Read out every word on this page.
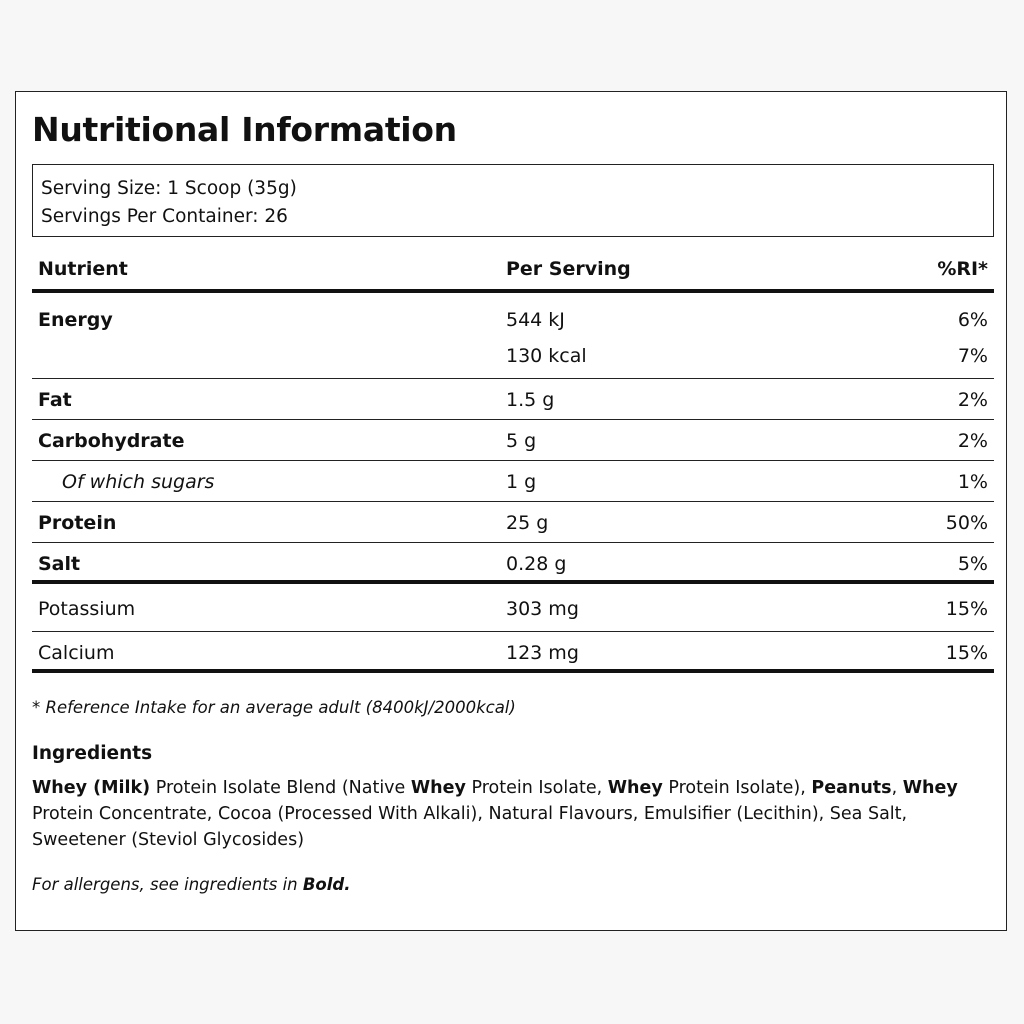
Nutritional Information
Serving Size: 1 Scoop (35g)
Servings Per Container: 26
Nutrient	Per Serving	%RI*
Energy	544 kJ	6%
130 kcal	7%
Fat	1.5 g	2%
Carbohydrate	5 g	2%
Of which sugars	1 g	1%
Protein	25 g	50%
Salt	0.28 g	5%
Potassium	303 mg	15%
Calcium	123 mg	15%
* Reference Intake for an average adult (8400kJ/2000kcal)
Ingredients
Whey (Milk) Protein Isolate Blend (Native Whey Protein Isolate, Whey Protein Isolate), Peanuts, Whey
Protein Concentrate, Cocoa (Processed With Alkali), Natural Flavours, Emulsifier (Lecithin), Sea Salt,
Sweetener (Steviol Glycosides)
For allergens, see ingredients in Bold.
